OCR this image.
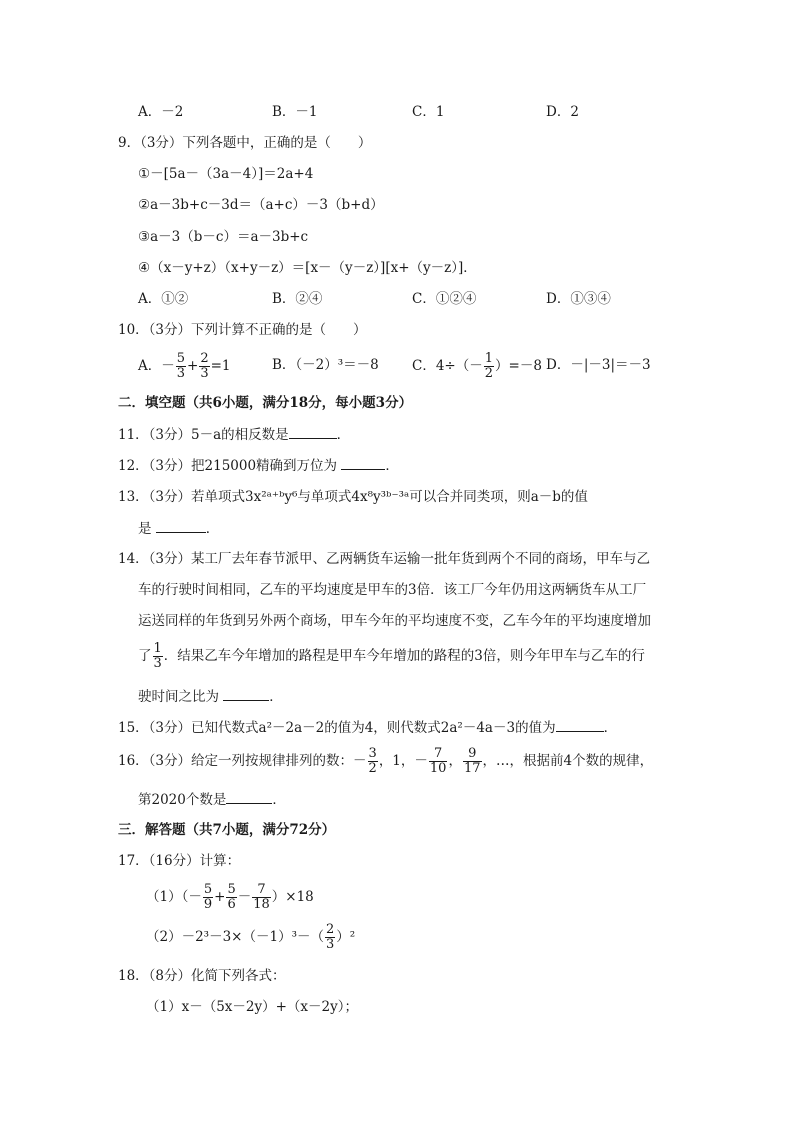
A．－2	B．－1	C．1	D．2
9．（3分）下列各题中，正确的是（　　）
①－[5a－（3a－4）]＝2a+4
②a－3b+c－3d＝（a+c）－3（b+d）
③a－3（b－c）＝a－3b+c
④（x－y+z）（x+y－z）＝[x－（y－z）][x+（y－z）]．
A．①②	B．②④	C．①②④	D．①③④
10．（3分）下列计算不正确的是（　　）
A．－ $\frac{5}{3} + \frac{2}{3} =1$	B．（－2）³＝－8 C．$4\div(- \frac{1}{2} )=-8$ D．－|－3|＝－3
二．填空题（共6小题，满分18分，每小题3分）
11．（3分）5－a的相反数是	．
12．（3分）把215000精确到万位为	．
13．（3分）若单项式3x²ᵃ⁺ᵇy⁶与单项式4x⁸y³ᵇ⁻³ᵃ可以合并同类项，则a－b的值
是	．
14．（3分）某工厂去年春节派甲、乙两辆货车运输一批年货到两个不同的商场，甲车与乙
车的行驶时间相同，乙车的平均速度是甲车的3倍．该工厂今年仍用这两辆货车从工厂
运送同样的年货到另外两个商场，甲车今年的平均速度不变，乙车今年的平均速度增加
了 $\frac{1}{3}$ ．结果乙车今年增加的路程是甲车今年增加的路程的3倍，则今年甲车与乙车的行
驶时间之比为	．
15．（3分）已知代数式a²－2a－2的值为4，则代数式2a²－4a－3的值为	．
16．（3分）给定一列按规律排列的数：－ $\frac{3}{2}$ ，1，－ $\frac{7}{10}$ ， $\frac{9}{17}$ ，…，根据前4个数的规律，
第2020个数是	．
三．解答题（共7小题，满分72分）
17．（16分）计算：
$(1)(- \frac{5}{9} + \frac{5}{6} - \frac{7}{18} )\times 18$
$(2)-2^3-3\times(-1)^3-( \frac{2}{3} )^2$
18．（8分）化简下列各式：
（1）x－（5x－2y）+（x－2y）；
